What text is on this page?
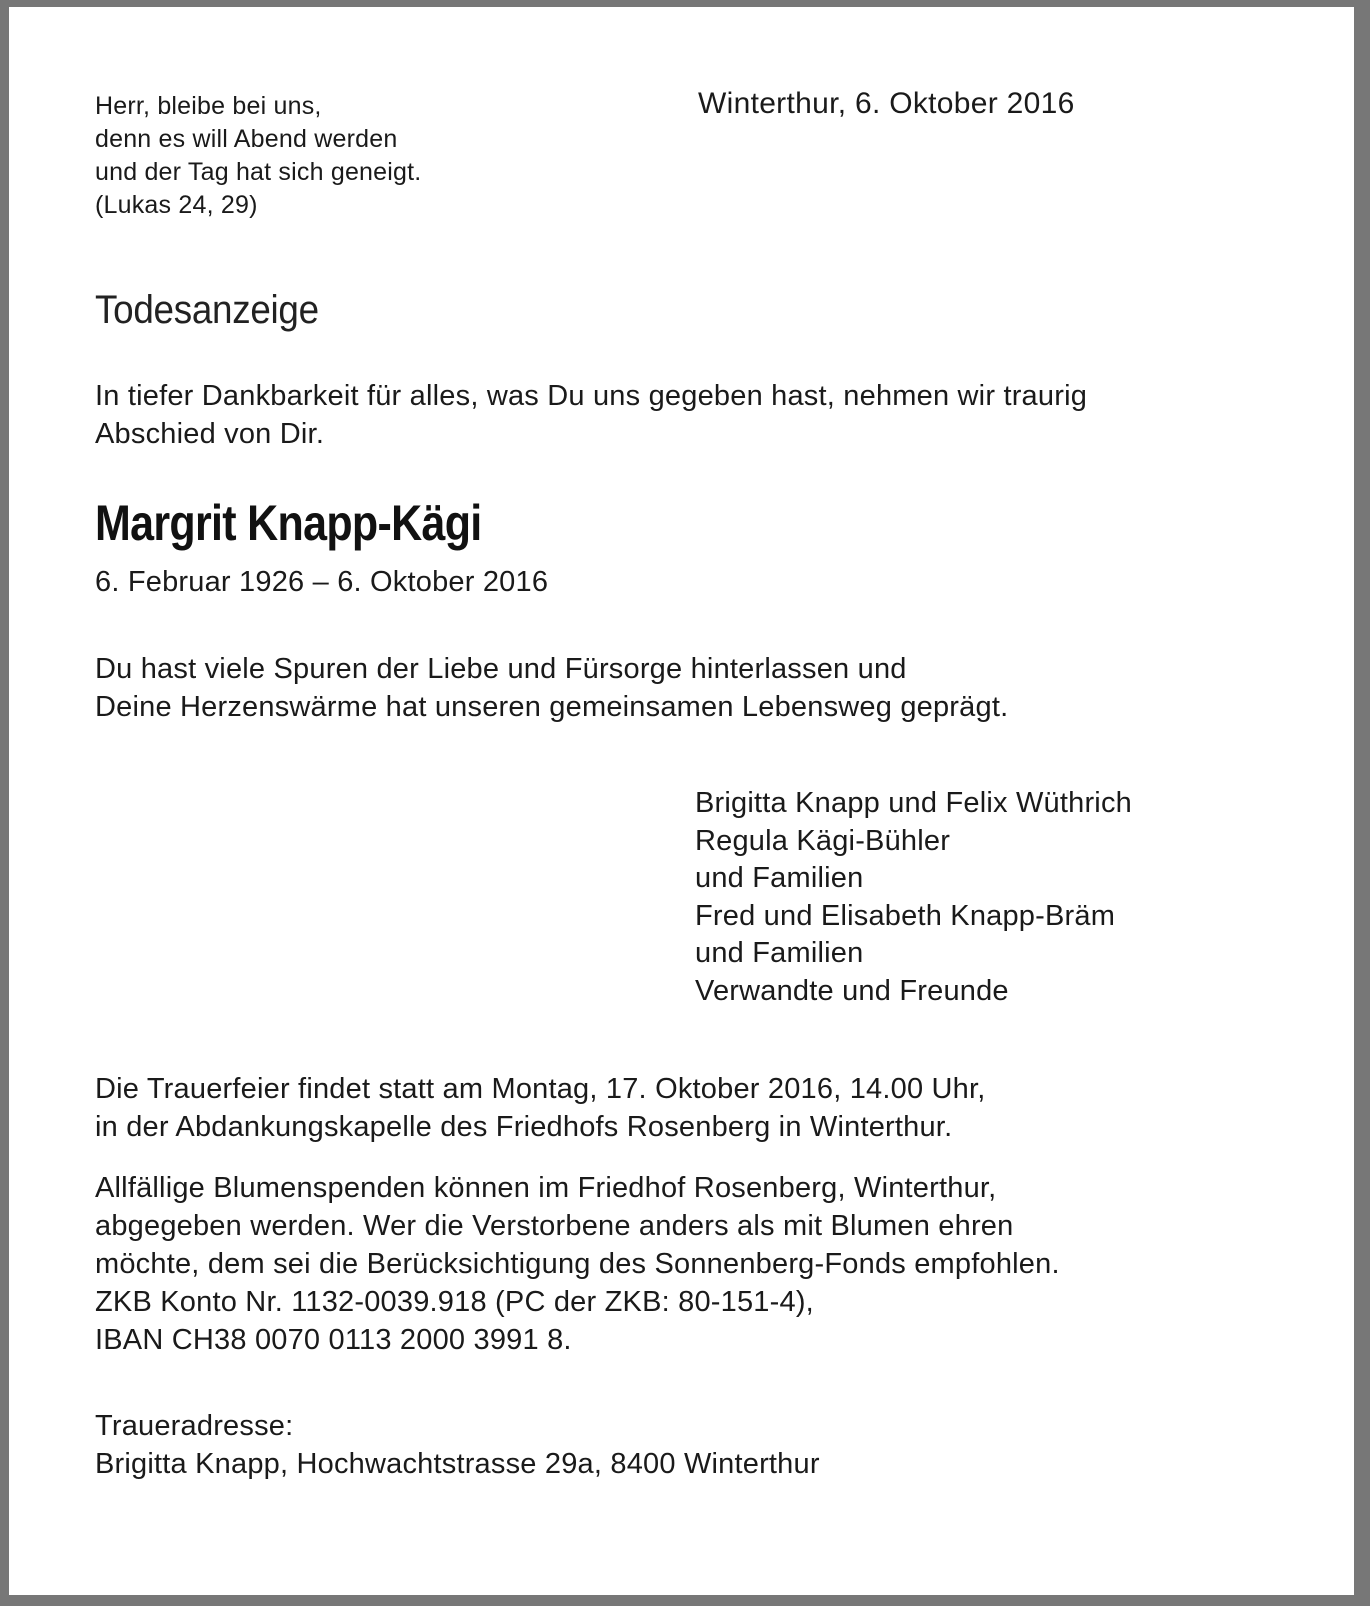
Herr, bleibe bei uns,
denn es will Abend werden
und der Tag hat sich geneigt.
(Lukas 24, 29)
Winterthur, 6. Oktober 2016
Todesanzeige
In tiefer Dankbarkeit für alles, was Du uns gegeben hast, nehmen wir traurig
Abschied von Dir.
Margrit Knapp-Kägi
6. Februar 1926 – 6. Oktober 2016
Du hast viele Spuren der Liebe und Fürsorge hinterlassen und
Deine Herzenswärme hat unseren gemeinsamen Lebensweg geprägt.
Brigitta Knapp und Felix Wüthrich
Regula Kägi-Bühler
und Familien
Fred und Elisabeth Knapp-Bräm
und Familien
Verwandte und Freunde
Die Trauerfeier findet statt am Montag, 17. Oktober 2016, 14.00 Uhr,
in der Abdankungskapelle des Friedhofs Rosenberg in Winterthur.
Allfällige Blumenspenden können im Friedhof Rosenberg, Winterthur,
abgegeben werden. Wer die Verstorbene anders als mit Blumen ehren
möchte, dem sei die Berücksichtigung des Sonnenberg-Fonds empfohlen.
ZKB Konto Nr. 1132-0039.918 (PC der ZKB: 80-151-4),
IBAN CH38 0070 0113 2000 3991 8.
Traueradresse:
Brigitta Knapp, Hochwachtstrasse 29a, 8400 Winterthur
